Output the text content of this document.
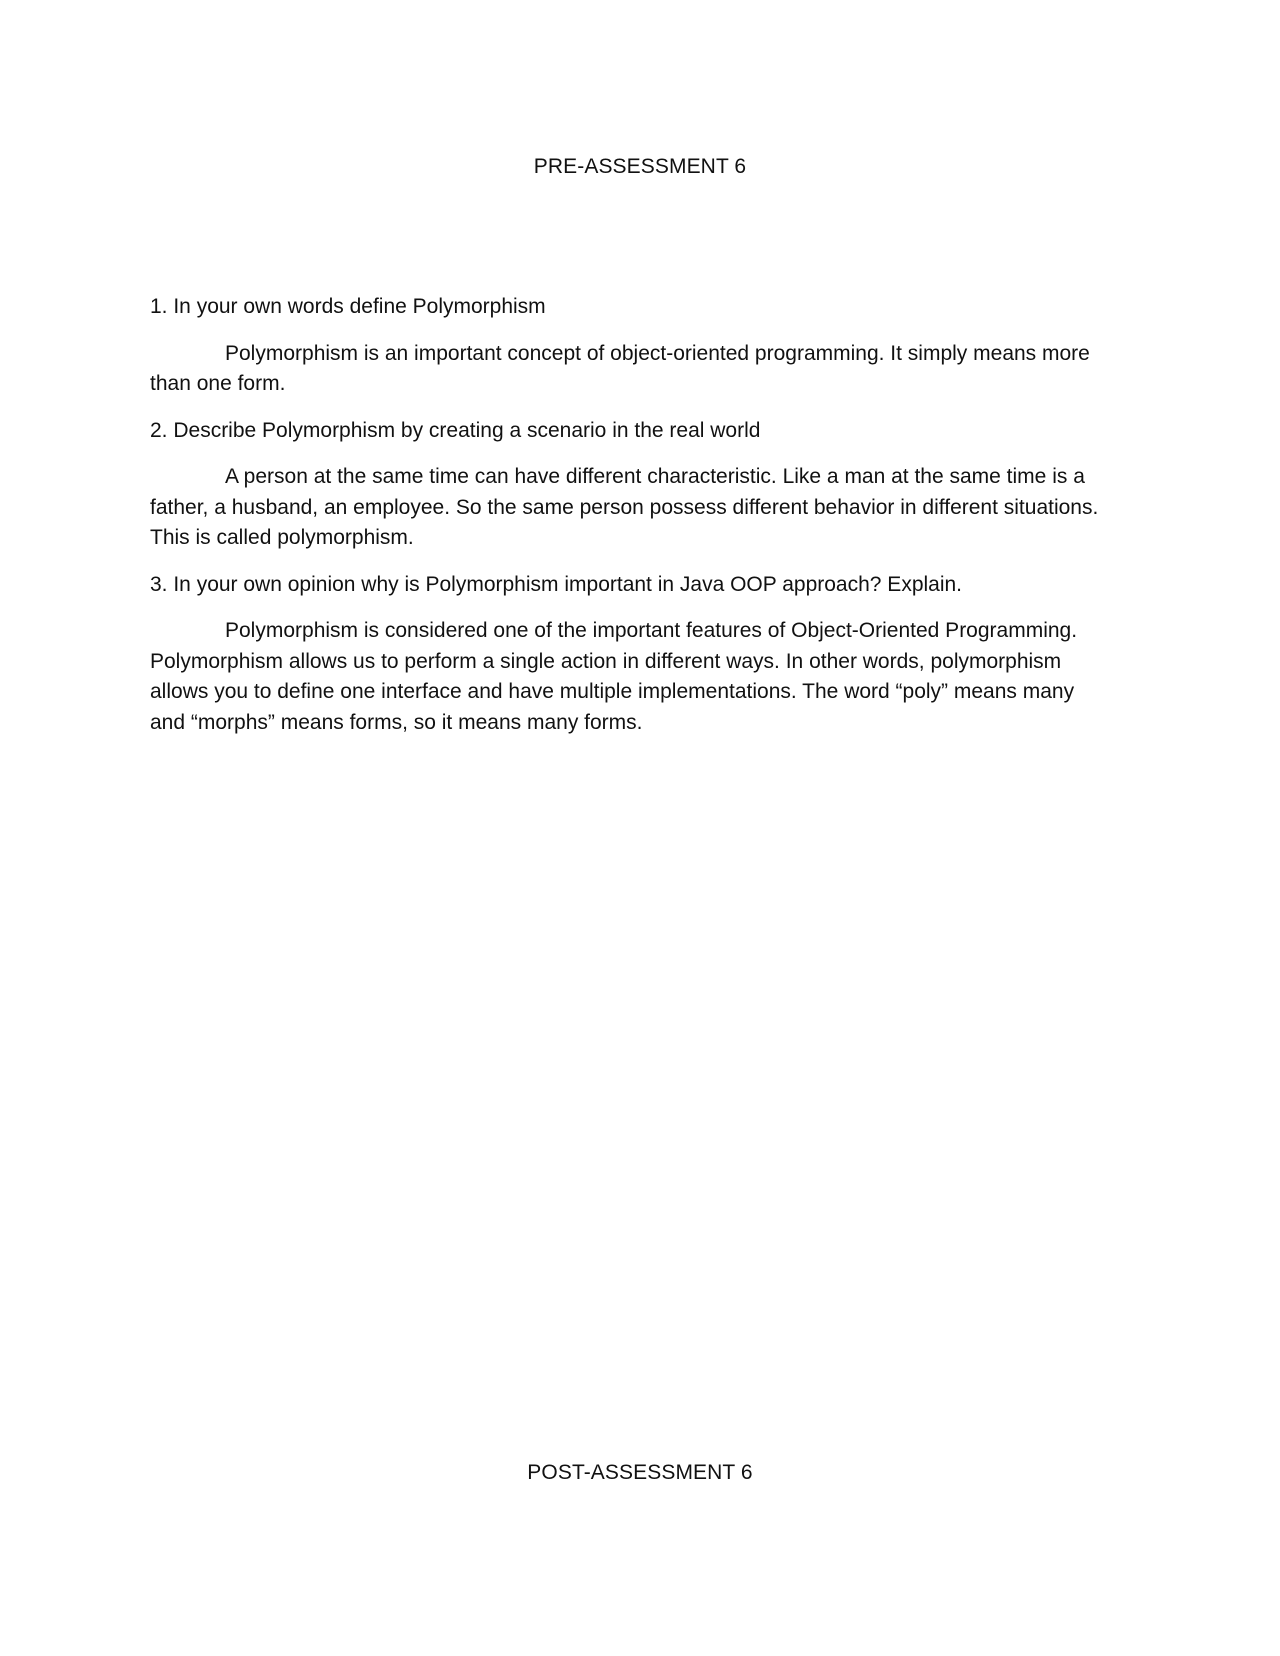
PRE-ASSESSMENT 6

1. In your own words define Polymorphism

Polymorphism is an important concept of object-oriented programming. It simply means more than one form.

2. Describe Polymorphism by creating a scenario in the real world

A person at the same time can have different characteristic. Like a man at the same time is a father, a husband, an employee. So the same person possess different behavior in different situations. This is called polymorphism.

3. In your own opinion why is Polymorphism important in Java OOP approach? Explain.

Polymorphism is considered one of the important features of Object-Oriented Programming. Polymorphism allows us to perform a single action in different ways. In other words, polymorphism allows you to define one interface and have multiple implementations. The word “poly” means many and “morphs” means forms, so it means many forms.

POST-ASSESSMENT 6
